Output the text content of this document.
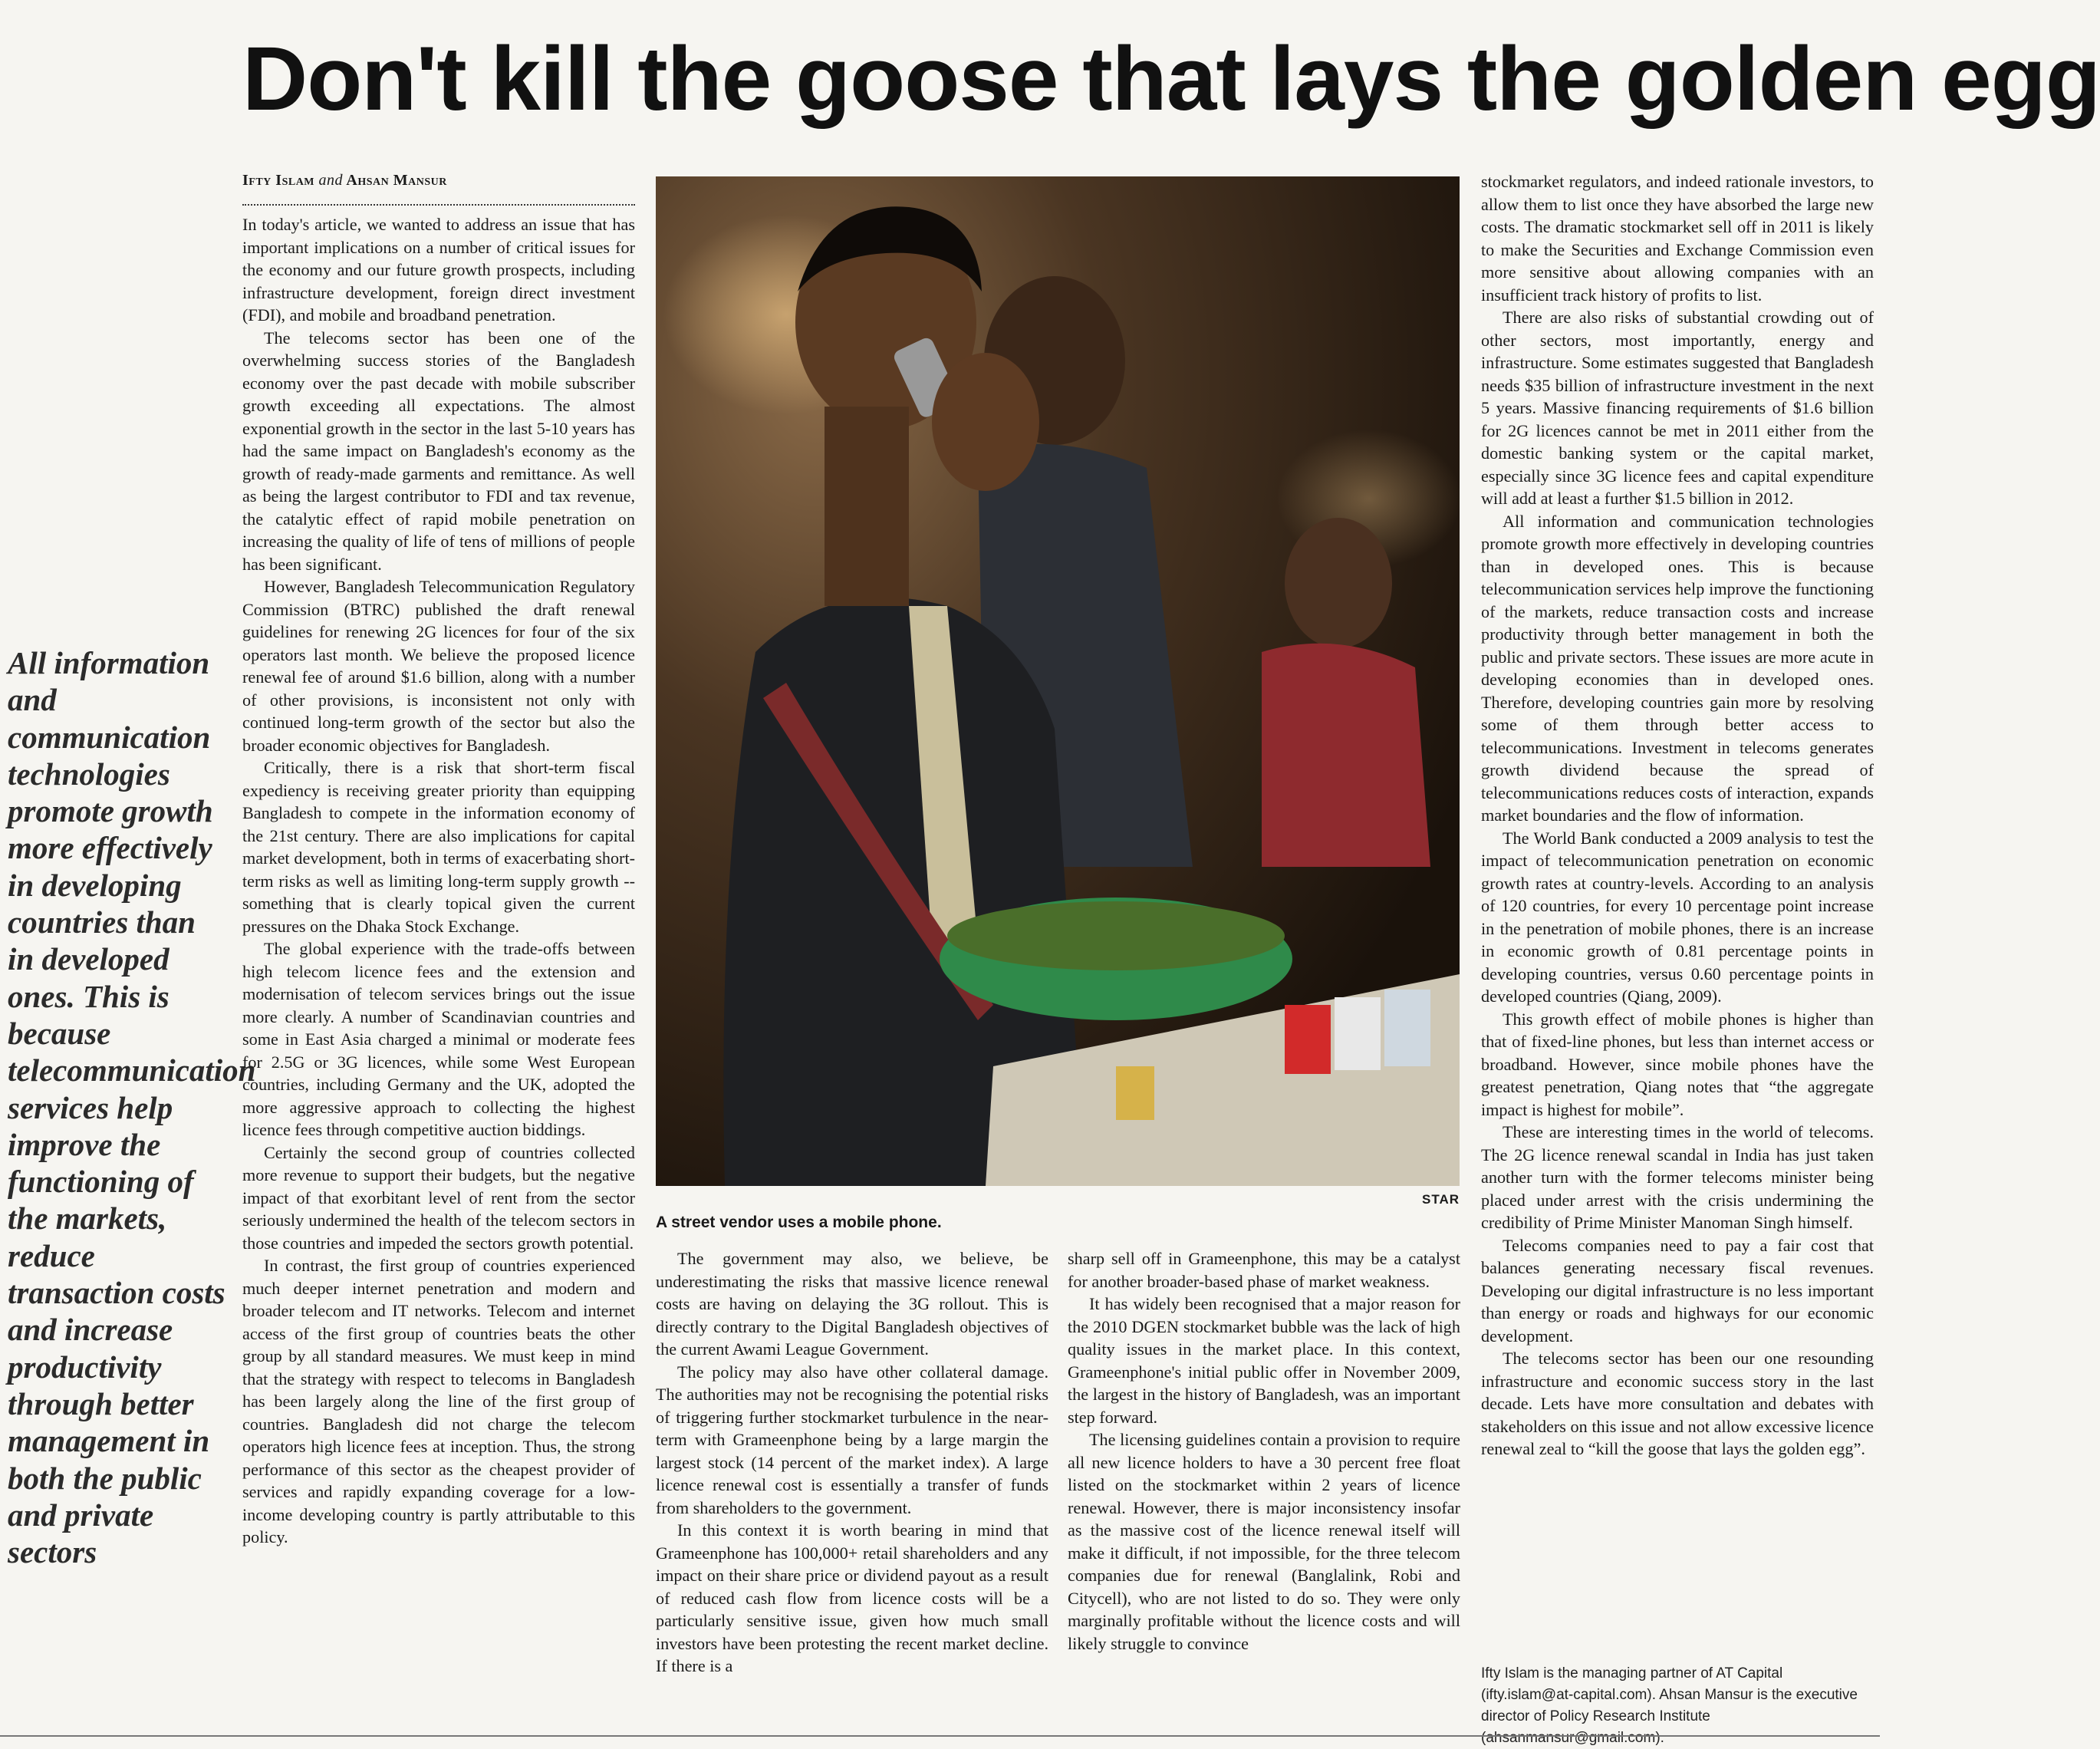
Don't kill the goose that lays the golden egg
All information and communication technologies promote growth more effectively in developing countries than in developed ones. This is because telecommunication services help improve the functioning of the markets, reduce transaction costs and increase productivity through better management in both the public and private sectors
Ifty Islam and Ahsan Mansur

In today's article, we wanted to address an issue that has important implications on a number of critical issues for the economy and our future growth prospects, including infrastructure development, foreign direct investment (FDI), and mobile and broadband penetration.

The telecoms sector has been one of the overwhelming success stories of the Bangladesh economy over the past decade with mobile subscriber growth exceeding all expectations. The almost exponential growth in the sector in the last 5-10 years has had the same impact on Bangladesh's economy as the growth of ready-made garments and remittance. As well as being the largest contributor to FDI and tax revenue, the catalytic effect of rapid mobile penetration on increasing the quality of life of tens of millions of people has been significant.

However, Bangladesh Telecommunication Regulatory Commission (BTRC) published the draft renewal guidelines for renewing 2G licences for four of the six operators last month. We believe the proposed licence renewal fee of around $1.6 billion, along with a number of other provisions, is inconsistent not only with continued long-term growth of the sector but also the broader economic objectives for Bangladesh.

Critically, there is a risk that short-term fiscal expediency is receiving greater priority than equipping Bangladesh to compete in the information economy of the 21st century. There are also implications for capital market development, both in terms of exacerbating short-term risks as well as limiting long-term supply growth -- something that is clearly topical given the current pressures on the Dhaka Stock Exchange.

The global experience with the trade-offs between high telecom licence fees and the extension and modernisation of telecom services brings out the issue more clearly. A number of Scandinavian countries and some in East Asia charged a minimal or moderate fees for 2.5G or 3G licences, while some West European countries, including Germany and the UK, adopted the more aggressive approach to collecting the highest licence fees through competitive auction biddings.

Certainly the second group of countries collected more revenue to support their budgets, but the negative impact of that exorbitant level of rent from the sector seriously undermined the health of the telecom sectors in those countries and impeded the sectors growth potential.

In contrast, the first group of countries experienced much deeper internet penetration and modern and broader telecom and IT networks. Telecom and internet access of the first group of countries beats the other group by all standard measures. We must keep in mind that the strategy with respect to telecoms in Bangladesh has been largely along the line of the first group of countries. Bangladesh did not charge the telecom operators high licence fees at inception. Thus, the strong performance of this sector as the cheapest provider of services and rapidly expanding coverage for a low-income developing country is partly attributable to this policy.

STAR
A street vendor uses a mobile phone.

The government may also, we believe, be underestimating the risks that massive licence renewal costs are having on delaying the 3G rollout. This is directly contrary to the Digital Bangladesh objectives of the current Awami League Government.

The policy may also have other collateral damage. The authorities may not be recognising the potential risks of triggering further stockmarket turbulence in the near-term with Grameenphone being by a large margin the largest stock (14 percent of the market index). A large licence renewal cost is essentially a transfer of funds from shareholders to the government.

In this context it is worth bearing in mind that Grameenphone has 100,000+ retail shareholders and any impact on their share price or dividend payout as a result of reduced cash flow from licence costs will be a particularly sensitive issue, given how much small investors have been protesting the recent market decline. If there is a

sharp sell off in Grameenphone, this may be a catalyst for another broader-based phase of market weakness.

It has widely been recognised that a major reason for the 2010 DGEN stockmarket bubble was the lack of high quality issues in the market place. In this context, Grameenphone's initial public offer in November 2009, the largest in the history of Bangladesh, was an important step forward.

The licensing guidelines contain a provision to require all new licence holders to have a 30 percent free float listed on the stockmarket within 2 years of licence renewal. However, there is major inconsistency insofar as the massive cost of the licence renewal itself will make it difficult, if not impossible, for the three telecom companies due for renewal (Banglalink, Robi and Citycell), who are not listed to do so. They were only marginally profitable without the licence costs and will likely struggle to convince

stockmarket regulators, and indeed rationale investors, to allow them to list once they have absorbed the large new costs. The dramatic stockmarket sell off in 2011 is likely to make the Securities and Exchange Commission even more sensitive about allowing companies with an insufficient track history of profits to list.

There are also risks of substantial crowding out of other sectors, most importantly, energy and infrastructure. Some estimates suggested that Bangladesh needs $35 billion of infrastructure investment in the next 5 years. Massive financing requirements of $1.6 billion for 2G licences cannot be met in 2011 either from the domestic banking system or the capital market, especially since 3G licence fees and capital expenditure will add at least a further $1.5 billion in 2012.

All information and communication technologies promote growth more effectively in developing countries than in developed ones. This is because telecommunication services help improve the functioning of the markets, reduce transaction costs and increase productivity through better management in both the public and private sectors. These issues are more acute in developing economies than in developed ones. Therefore, developing countries gain more by resolving some of them through better access to telecommunications. Investment in telecoms generates growth dividend because the spread of telecommunications reduces costs of interaction, expands market boundaries and the flow of information.

The World Bank conducted a 2009 analysis to test the impact of telecommunication penetration on economic growth rates at country-levels. According to an analysis of 120 countries, for every 10 percentage point increase in the penetration of mobile phones, there is an increase in economic growth of 0.81 percentage points in developing countries, versus 0.60 percentage points in developed countries (Qiang, 2009).

This growth effect of mobile phones is higher than that of fixed-line phones, but less than internet access or broadband. However, since mobile phones have the greatest penetration, Qiang notes that “the aggregate impact is highest for mobile”.

These are interesting times in the world of telecoms. The 2G licence renewal scandal in India has just taken another turn with the former telecoms minister being placed under arrest with the crisis undermining the credibility of Prime Minister Manoman Singh himself.

Telecoms companies need to pay a fair cost that balances generating necessary fiscal revenues. Developing our digital infrastructure is no less important than energy or roads and highways for our economic development.

The telecoms sector has been our one resounding infrastructure and economic success story in the last decade. Lets have more consultation and debates with stakeholders on this issue and not allow excessive licence renewal zeal to “kill the goose that lays the golden egg”.

Ifty Islam is the managing partner of AT Capital (ifty.islam@at-capital.com). Ahsan Mansur is the executive director of Policy Research Institute (ahsanmansur@gmail.com).
